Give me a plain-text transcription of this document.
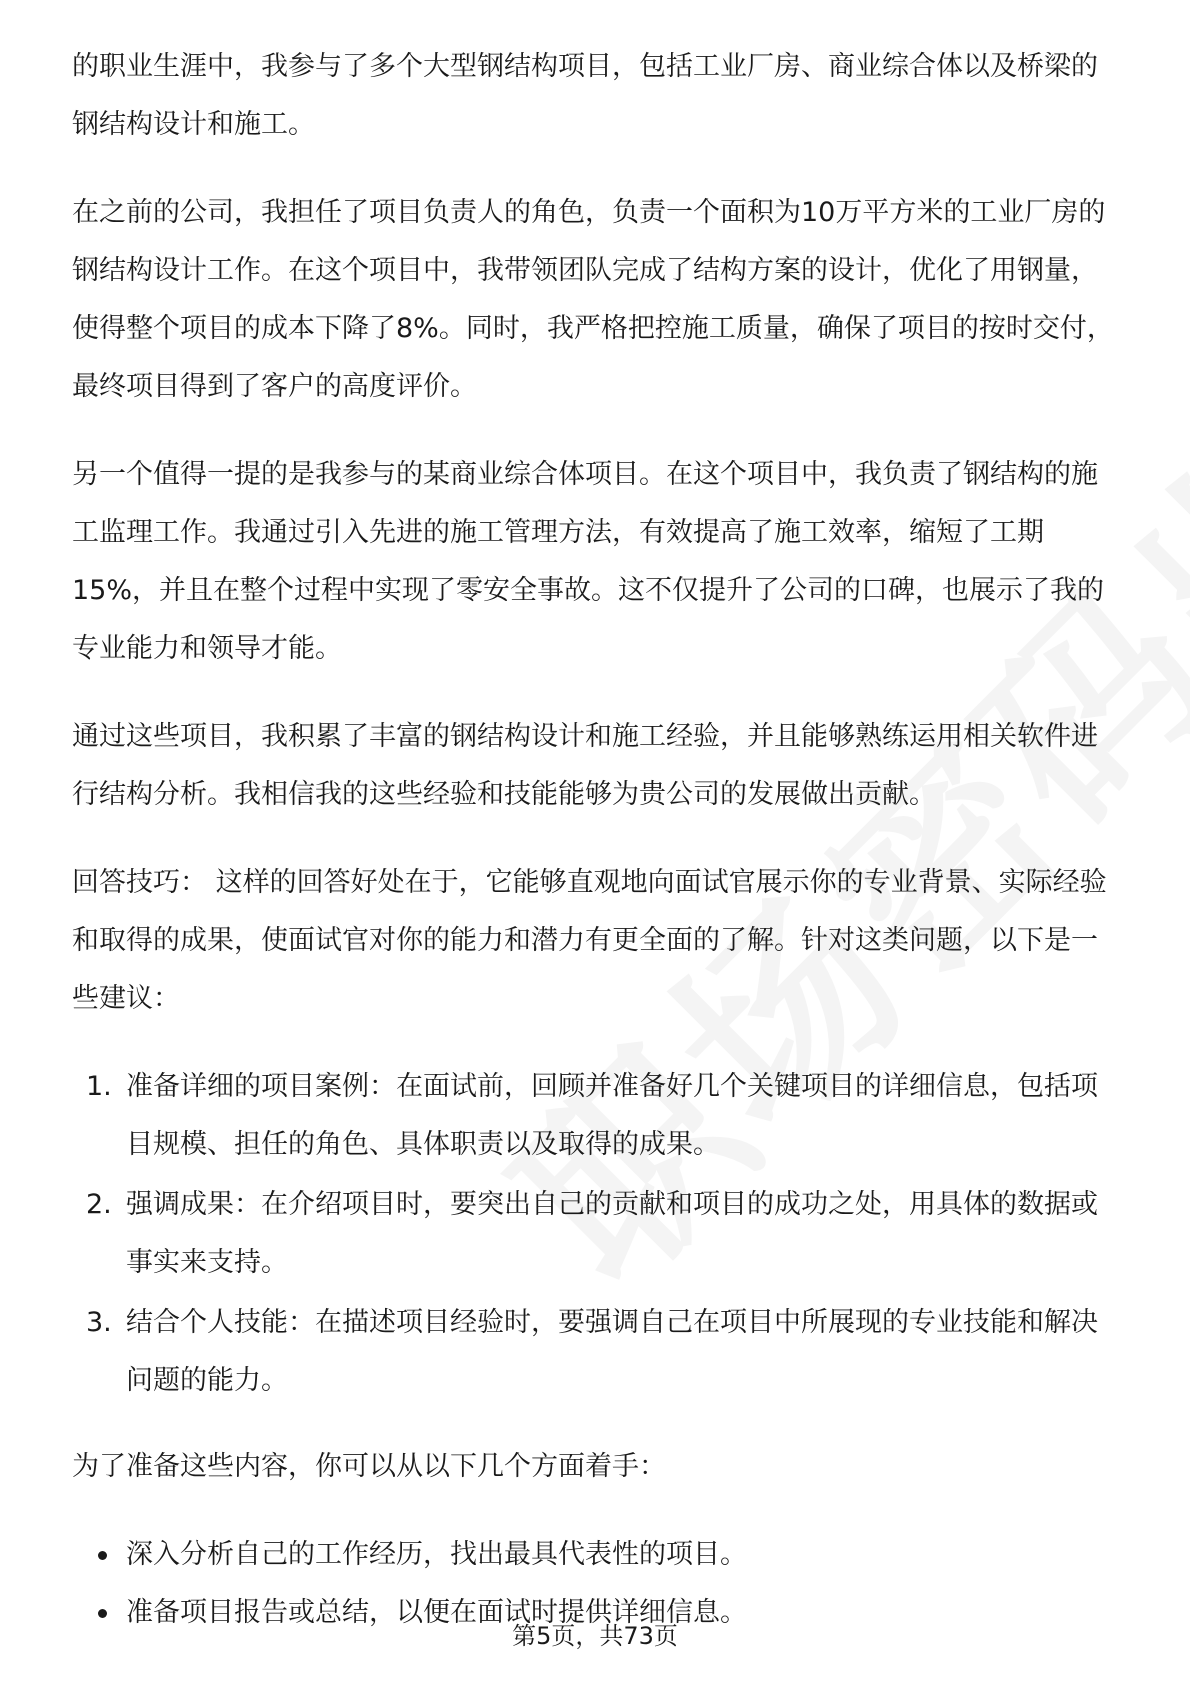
的职业生涯中，我参与了多个大型钢结构项目，包括工业厂房、商业综合体以及桥梁的钢结构设计和施工。

在之前的公司，我担任了项目负责人的角色，负责一个面积为10万平方米的工业厂房的钢结构设计工作。在这个项目中，我带领团队完成了结构方案的设计，优化了用钢量，使得整个项目的成本下降了8%。同时，我严格把控施工质量，确保了项目的按时交付，最终项目得到了客户的高度评价。

另一个值得一提的是我参与的某商业综合体项目。在这个项目中，我负责了钢结构的施工监理工作。我通过引入先进的施工管理方法，有效提高了施工效率，缩短了工期15%，并且在整个过程中实现了零安全事故。这不仅提升了公司的口碑，也展示了我的专业能力和领导才能。

通过这些项目，我积累了丰富的钢结构设计和施工经验，并且能够熟练运用相关软件进行结构分析。我相信我的这些经验和技能能够为贵公司的发展做出贡献。

回答技巧： 这样的回答好处在于，它能够直观地向面试官展示你的专业背景、实际经验和取得的成果，使面试官对你的能力和潜力有更全面的了解。针对这类问题，以下是一些建议：

1. 准备详细的项目案例：在面试前，回顾并准备好几个关键项目的详细信息，包括项目规模、担任的角色、具体职责以及取得的成果。
2. 强调成果：在介绍项目时，要突出自己的贡献和项目的成功之处，用具体的数据或事实来支持。
3. 结合个人技能：在描述项目经验时，要强调自己在项目中所展现的专业技能和解决问题的能力。

为了准备这些内容，你可以从以下几个方面着手：

深入分析自己的工作经历，找出最具代表性的项目。
准备项目报告或总结，以便在面试时提供详细信息。
第5页，共73页
